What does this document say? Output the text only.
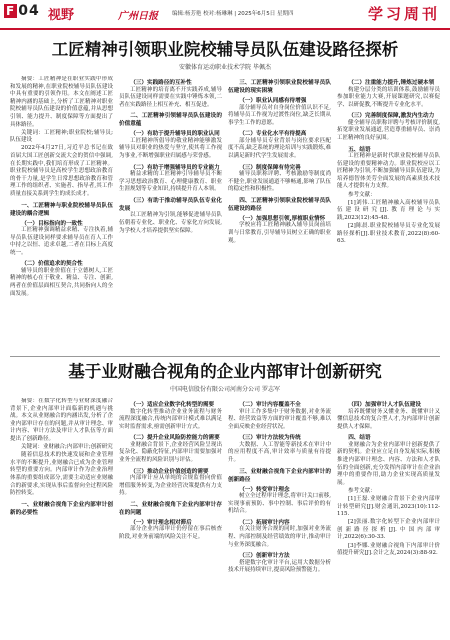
F 04 视野	广州日报	编辑:杨芳艳 校对:杨琳琳 | 2025年6月5日 星期四	学习周刊
工匠精神引领职业院校辅导员队伍建设路径探析
安徽体育运动职业技术学院 毕佩杰

摘要：工匠精神是在职业实践中形成和发展的精神,在职业院校辅导员队伍建设中具有重要的引领作用。本文在阐述工匠精神内涵的基础上,分析了工匠精神对职业院校辅导员队伍建设的价值意蕴,并从思想引领、能力提升、制度保障等方面提出了具体路径。

关键词：工匠精神;职业院校;辅导员;队伍建设

2022年4月27日,习近平总书记在致首届大国工匠创新交流大会的贺信中强调,在长期实践中,我们培育形成了工匠精神。职业院校辅导员是高校学生思想政治教育的骨干力量,是学生日常思想政治教育和管理工作的组织者、实施者、指导者,其工作质量直接关系到学生的成长成才。

一、工匠精神与职业院校辅导员队伍建设的耦合逻辑

（一）目标指向的一致性

工匠精神强调精益求精、专注执着,辅导员队伍建设同样要求辅导员在育人工作中持之以恒、追求卓越,二者在目标上高度统一。

（二）价值追求的契合性

辅导员的职业价值在于立德树人,工匠精神的核心在于敬业、精益、专注、创新,两者在价值层面相互契合,共同指向人的全面发展。

（三）实践路径的互补性

工匠精神的培育离不开实践养成,辅导员队伍建设同样需要在实践中锤炼本领,二者在实践路径上相互补充、相互促进。

二、工匠精神引领辅导员队伍建设的价值意蕴

（一）有助于提升辅导员的职业认同

工匠精神所倡导的敬业精神能够激发辅导员对职业的热爱与坚守,使其将工作视为事业,不断增强职业归属感与荣誉感。

（二）有助于增强辅导员的专业能力

精益求精的工匠精神引导辅导员不断学习思想政治教育、心理健康教育、职业生涯规划等专业知识,持续提升育人本领。

（三）有助于推动辅导员队伍专业化发展

以工匠精神为引领,能够促进辅导员队伍朝着专业化、职业化、专家化方向发展,为学校人才培养提供坚实保障。

三、工匠精神引领职业院校辅导员队伍建设的现实困境

（一）职业认同感有待增强

部分辅导员对自身岗位价值认识不足,将辅导员工作视为过渡性岗位,缺乏长期从事学生工作的意愿。

（二）专业化水平有待提高

部分辅导员专业背景与岗位要求匹配度不高,缺乏系统的理论培训与实践锻炼,难以满足新时代学生发展需求。

（三）制度保障有待完善

辅导员职称评聘、考核激励等制度尚不健全,职业发展通道不够畅通,影响了队伍的稳定性和积极性。

四、工匠精神引领职业院校辅导员队伍建设的路径

（一）加强思想引领,厚植职业情怀

学校应将工匠精神融入辅导员岗前培训与日常教育,引导辅导员树立正确的职业观。

（二）注重能力提升,锤炼过硬本领

构建分层分类的培训体系,鼓励辅导员参加职业能力大赛,开展课题研究,以赛促学、以研促教,不断提升专业化水平。

（三）完善制度保障,激发内生动力

健全辅导员职称评聘与考核评价制度,拓宽职业发展通道,营造尊重辅导员、崇尚工匠精神的良好氛围。

五、结语

工匠精神是新时代职业院校辅导员队伍建设的重要精神动力。职业院校应以工匠精神为引领,不断加强辅导员队伍建设,为培养德智体美劳全面发展的高素质技术技能人才提供有力支撑。

参考文献：

[1]刘伟.工匠精神融入高校辅导员队伍建设研究[J].教育理论与实践,2023(12):45-48.

[2]陈晨.职业院校辅导员专业化发展路径探析[J].职业技术教育,2022(8):60-63.

基于业财融合视角的企业内部审计创新研究
中国电信股份有限公司河南分公司 罗志军

摘要：在数字化转型与业财深度融合背景下,企业内部审计面临新的机遇与挑战。本文从业财融合的内涵出发,分析了企业内部审计存在的问题,并从审计理念、审计内容、审计方法及审计人才队伍等方面提出了创新路径。

关键词：业财融合;内部审计;创新研究

随着信息技术的快速发展和企业管理水平的不断提升,业财融合已成为企业管理转型的重要方向。内部审计作为企业治理体系的重要组成部分,需要主动适应业财融合的新要求,实现从事后监督向全过程风险防控转变。

一、业财融合视角下企业内部审计创新的必要性

（一）适应企业数字化转型的需要

数字化转型推动企业业务流程与财务流程深度融合,传统内部审计模式难以满足实时监督需求,亟需创新审计方式。

（二）提升企业风险防控能力的需要

业财融合背景下,企业经营风险呈现出复杂化、隐蔽化特征,内部审计需要加强对业务全流程的风险识别与评估。

（三）推动企业价值创造的需要

内部审计应从单纯的合规监督向价值增值服务转变,为企业经营决策提供有力支持。

二、业财融合视角下企业内部审计存在的问题

（一）审计理念相对滞后

部分企业内部审计仍停留在事后核查阶段,对业务前端的风险关注不足。

（二）审计内容覆盖不全

审计工作多集中于财务数据,对业务流程、经营效益等方面的审计覆盖不够,难以全面反映企业经营状况。

（三）审计方法较为传统

大数据、人工智能等新技术在审计中的应用程度不高,审计效率与质量有待提升。

三、业财融合视角下企业内部审计的创新路径

（一）转变审计理念

树立全过程审计理念,将审计关口前移,实现事前预防、事中控制、事后评价的有机结合。

（二）拓展审计内容

在关注财务合规的同时,加强对业务流程、内部控制及经营绩效的审计,推动审计与业务深度融合。

（三）创新审计方法

搭建数字化审计平台,运用大数据分析技术开展持续审计,提高风险预警能力。

（四）加强审计人才队伍建设

培养既懂财务又懂业务、既懂审计又懂信息技术的复合型人才,为内部审计创新提供人才保障。

四、结语

业财融合为企业内部审计创新提供了新的契机。企业应立足自身发展实际,积极推进内部审计理念、内容、方法和人才队伍的全面创新,充分发挥内部审计在企业治理中的重要作用,助力企业实现高质量发展。

参考文献：

[1]王磊.业财融合背景下企业内部审计转型研究[J].财会通讯,2023(10):112-115.

[2]张丽.数字化转型下企业内部审计创新路径探析[J].中国内部审计,2022(6):30-33.

[3]李娜.业财融合视角下内部审计价值提升研究[J].会计之友,2024(3):88-92.
